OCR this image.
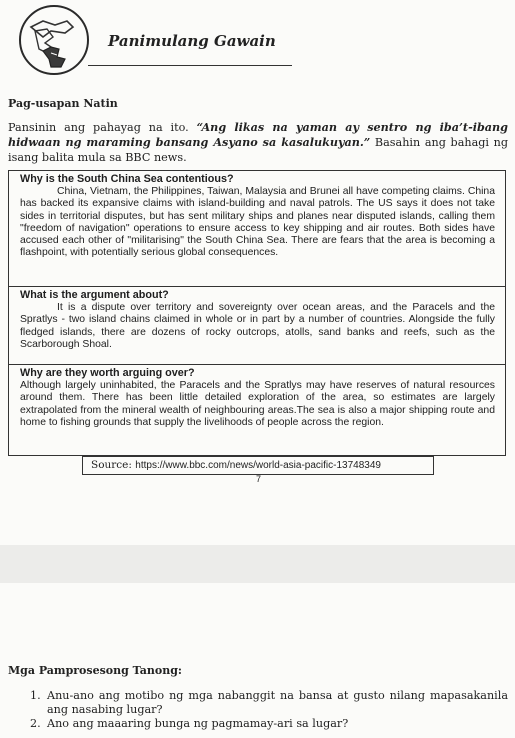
Panimulang Gawain
Pag-usapan Natin
Pansinin ang pahayag na ito. “Ang likas na yaman ay sentro ng iba’t-ibang hidwaan ng maraming bansang Asyano sa kasalukuyan.” Basahin ang bahagi ng isang balita mula sa BBC news.
Why is the South China Sea contentious?

China, Vietnam, the Philippines, Taiwan, Malaysia and Brunei all have competing claims. China has backed its expansive claims with island-building and naval patrols. The US says it does not take sides in territorial disputes, but has sent military ships and planes near disputed islands, calling them "freedom of navigation" operations to ensure access to key shipping and air routes. Both sides have accused each other of "militarising" the South China Sea. There are fears that the area is becoming a flashpoint, with potentially serious global consequences.

What is the argument about?

It is a dispute over territory and sovereignty over ocean areas, and the Paracels and the Spratlys - two island chains claimed in whole or in part by a number of countries. Alongside the fully fledged islands, there are dozens of rocky outcrops, atolls, sand banks and reefs, such as the Scarborough Shoal.

Why are they worth arguing over?

Although largely uninhabited, the Paracels and the Spratlys may have reserves of natural resources around them. There has been little detailed exploration of the area, so estimates are largely extrapolated from the mineral wealth of neighbouring areas.The sea is also a major shipping route and home to fishing grounds that supply the livelihoods of people across the region.

Source: https://www.bbc.com/news/world-asia-pacific-13748349
7
Mga Pamprosesong Tanong:
1. Anu-ano ang motibo ng mga nabanggit na bansa at gusto nilang mapasakanila ang nasabing lugar?
2. Ano ang maaaring bunga ng pagmamay-ari sa lugar?
